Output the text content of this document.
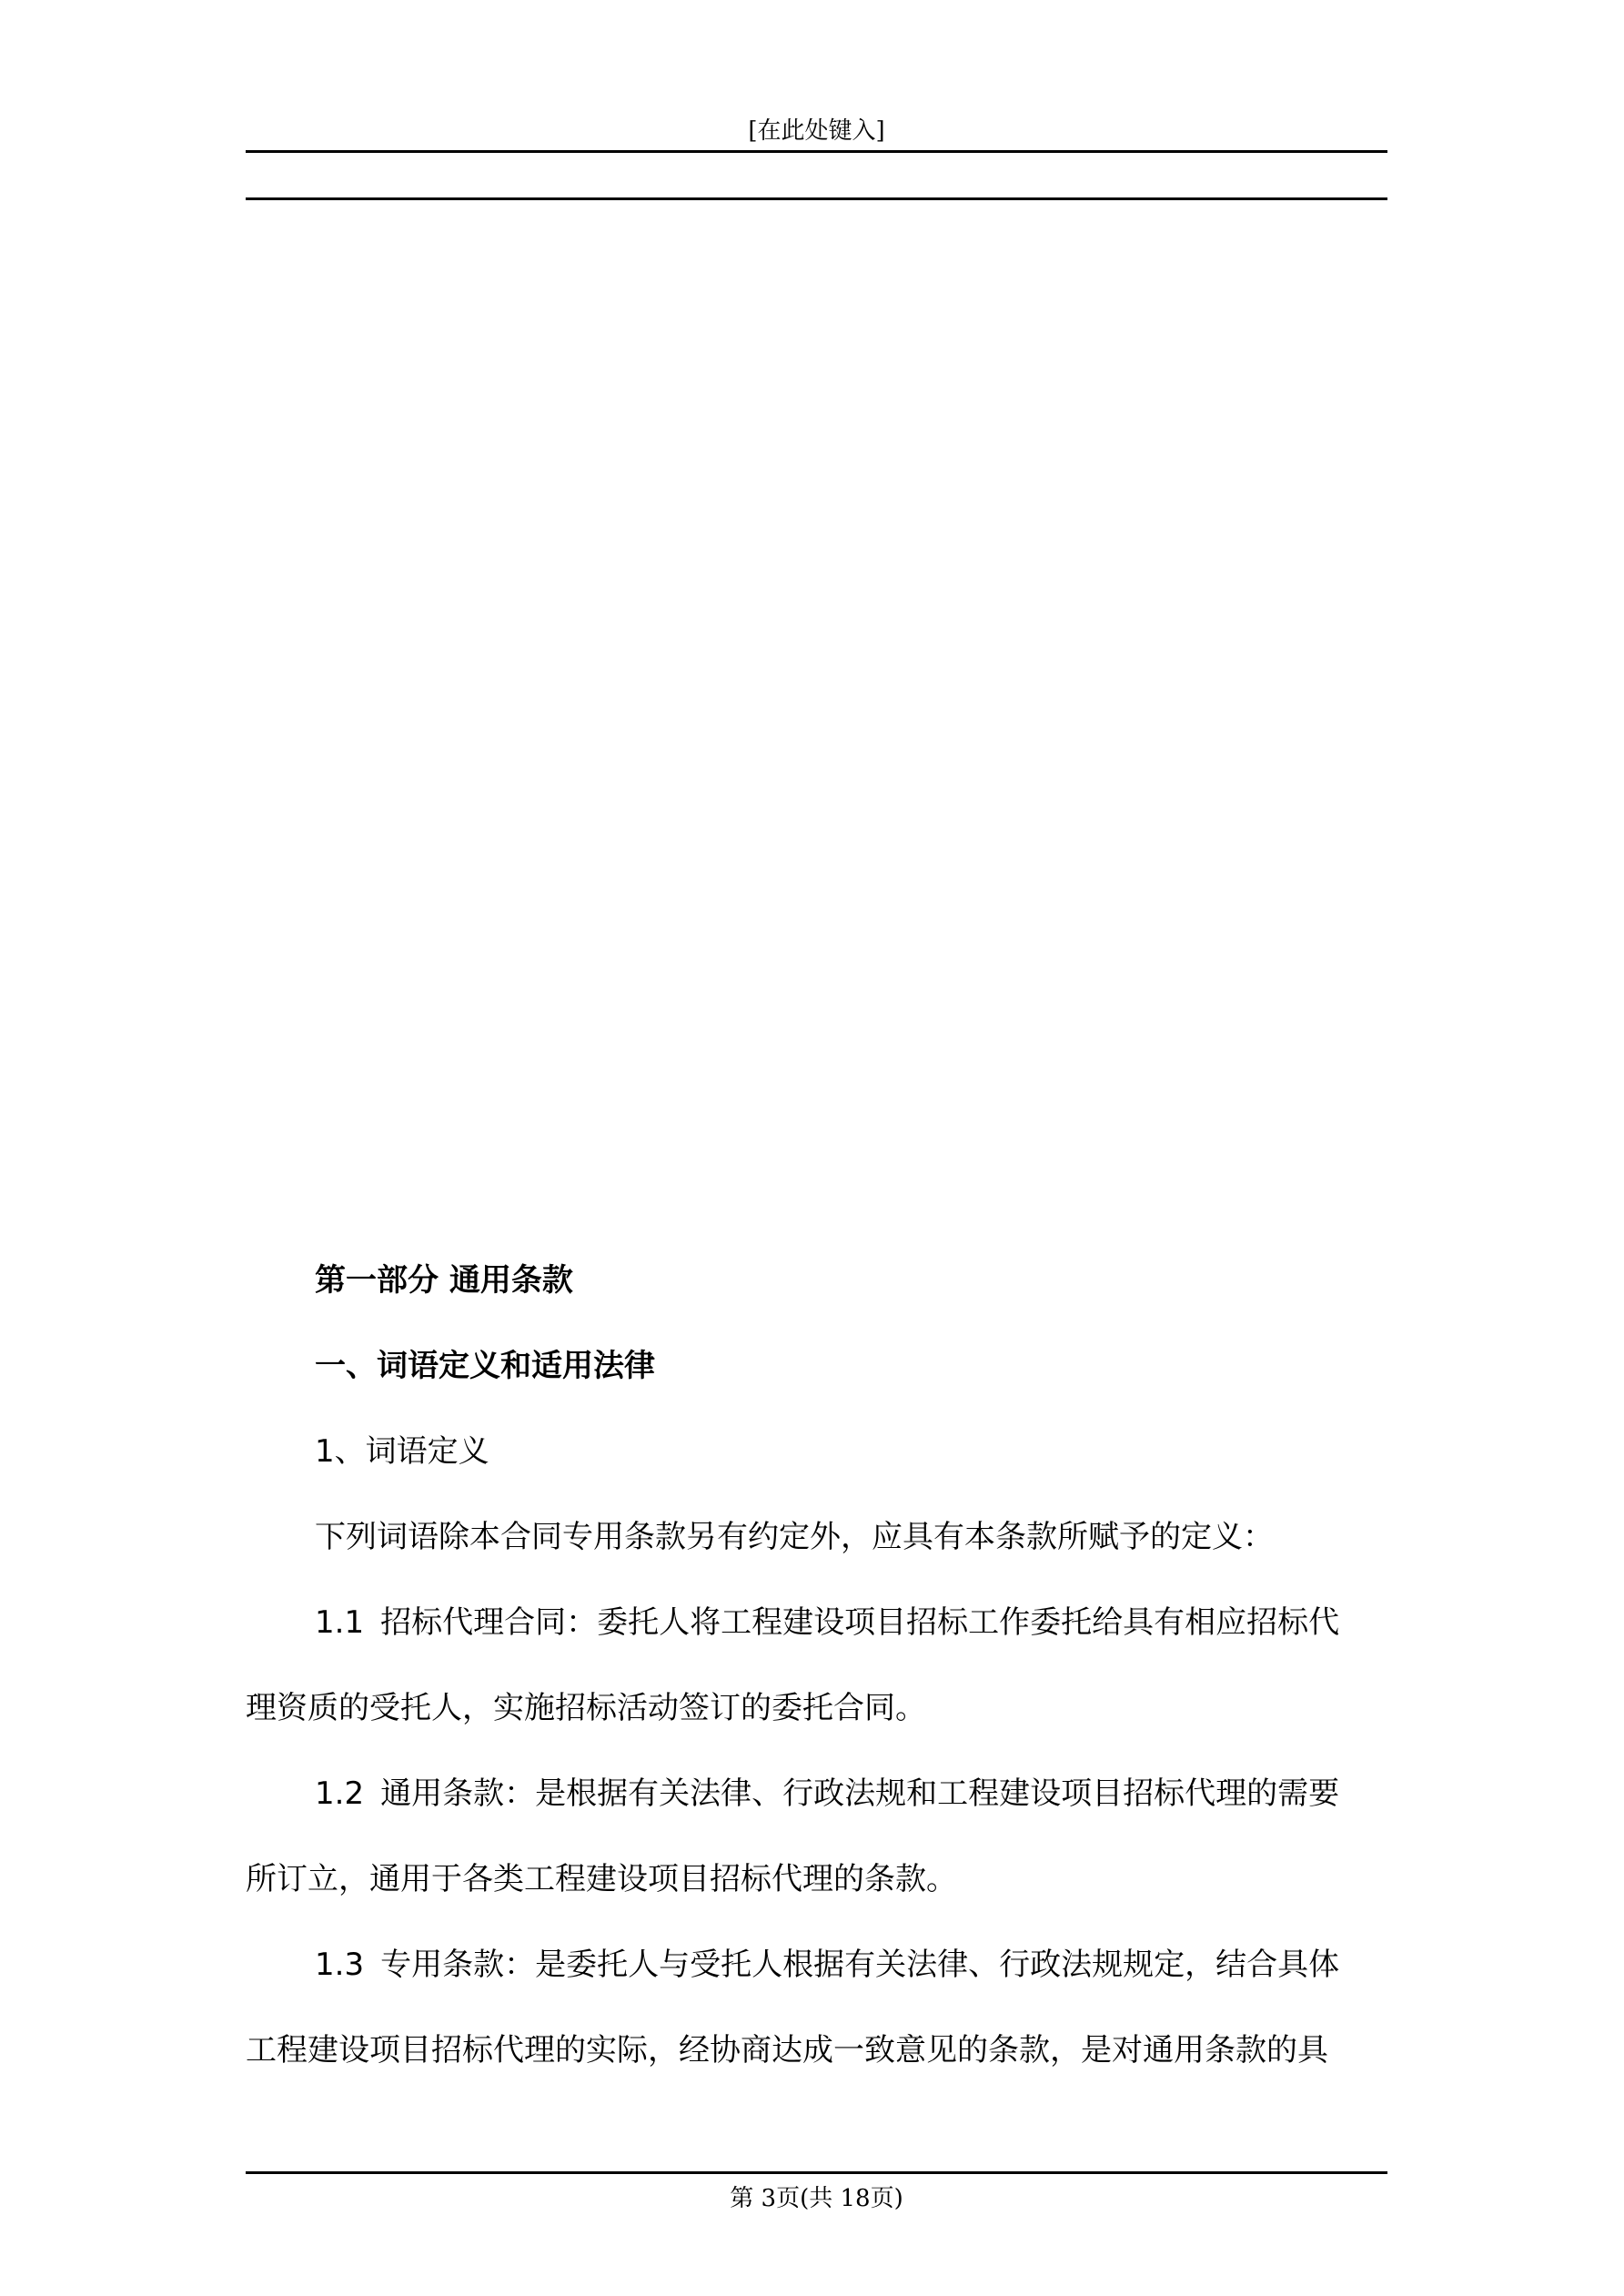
[在此处键入]

第一部分 通用条款

一、词语定义和适用法律

1、词语定义

下列词语除本合同专用条款另有约定外，应具有本条款所赋予的定义：

1.1 招标代理合同：委托人将工程建设项目招标工作委托给具有相应招标代
理资质的受托人，实施招标活动签订的委托合同。
1.2 通用条款：是根据有关法律、行政法规和工程建设项目招标代理的需要
所订立，通用于各类工程建设项目招标代理的条款。
1.3 专用条款：是委托人与受托人根据有关法律、行政法规规定，结合具体
工程建设项目招标代理的实际，经协商达成一致意见的条款，是对通用条款的具
第 3页(共 18页)
